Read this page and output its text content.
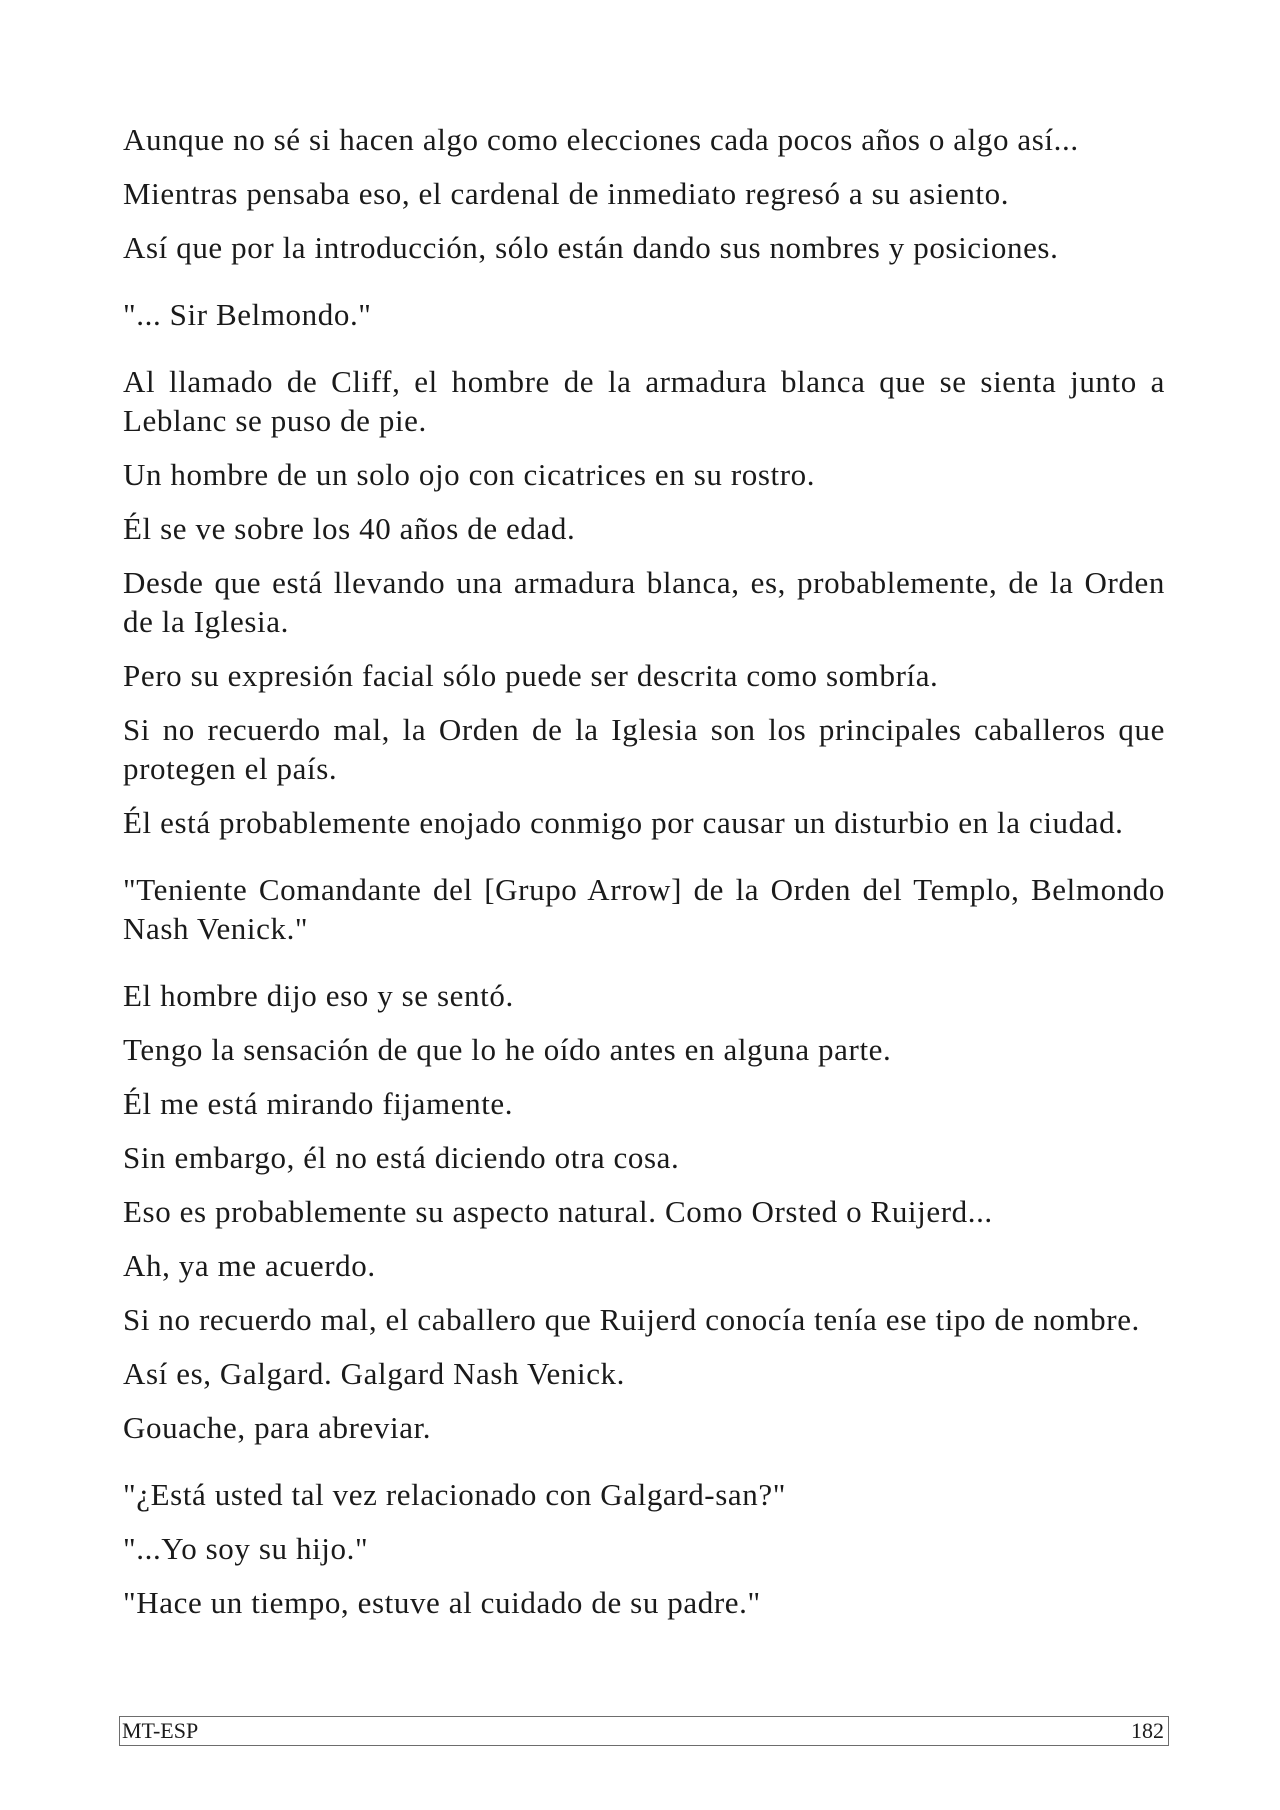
Aunque no sé si hacen algo como elecciones cada pocos años o algo así...

Mientras pensaba eso, el cardenal de inmediato regresó a su asiento.

Así que por la introducción, sólo están dando sus nombres y posiciones.

"... Sir Belmondo."

Al llamado de Cliff, el hombre de la armadura blanca que se sienta junto a Leblanc se puso de pie.

Un hombre de un solo ojo con cicatrices en su rostro.

Él se ve sobre los 40 años de edad.

Desde que está llevando una armadura blanca, es, probablemente, de la Orden de la Iglesia.

Pero su expresión facial sólo puede ser descrita como sombría.

Si no recuerdo mal, la Orden de la Iglesia son los principales caballeros que protegen el país.

Él está probablemente enojado conmigo por causar un disturbio en la ciudad.

"Teniente Comandante del [Grupo Arrow] de la Orden del Templo, Belmondo Nash Venick."

El hombre dijo eso y se sentó.

Tengo la sensación de que lo he oído antes en alguna parte.

Él me está mirando fijamente.

Sin embargo, él no está diciendo otra cosa.

Eso es probablemente su aspecto natural. Como Orsted o Ruijerd...

Ah, ya me acuerdo.

Si no recuerdo mal, el caballero que Ruijerd conocía tenía ese tipo de nombre.

Así es, Galgard. Galgard Nash Venick.

Gouache, para abreviar.

"¿Está usted tal vez relacionado con Galgard-san?"

"...Yo soy su hijo."

"Hace un tiempo, estuve al cuidado de su padre."

MT-ESP	182
